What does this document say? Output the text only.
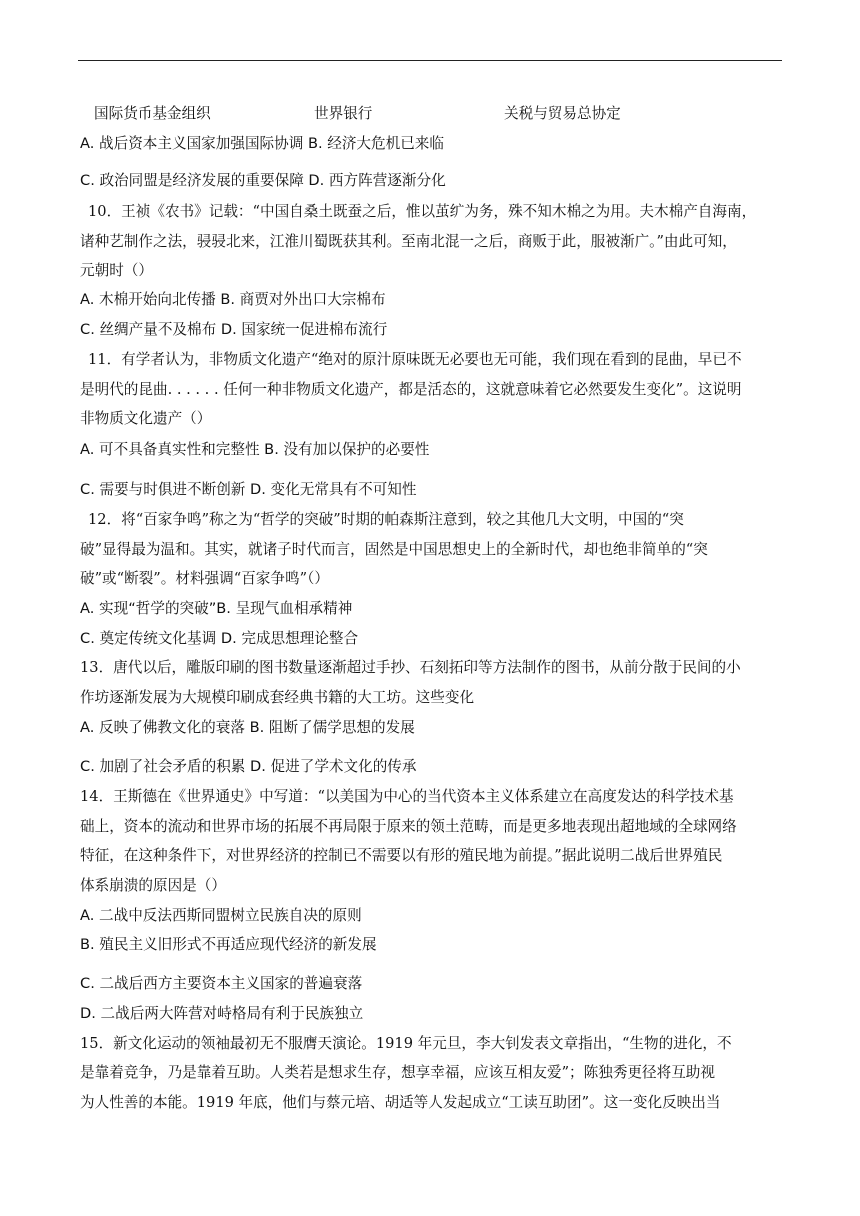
国际货币基金组织	世界银行	关税与贸易总协定
A. 战后资本主义国家加强国际协调 B. 经济大危机已来临
C. 政治同盟是经济发展的重要保障 D. 西方阵营逐渐分化
10．王祯《农书》记载：“中国自桑土既蚕之后，惟以茧纩为务，殊不知木棉之为用。夫木棉产自海南，
诸种艺制作之法，骎骎北来，江淮川蜀既获其利。至南北混一之后，商贩于此，服被渐广。”由此可知，
元朝时（）
A. 木棉开始向北传播 B. 商贾对外出口大宗棉布
C. 丝绸产量不及棉布 D. 国家统一促进棉布流行
11．有学者认为，非物质文化遗产“绝对的原汁原味既无必要也无可能，我们现在看到的昆曲，早已不
是明代的昆曲. . . . . . 任何一种非物质文化遗产，都是活态的，这就意味着它必然要发生变化”。这说明
非物质文化遗产（）
A. 可不具备真实性和完整性 B. 没有加以保护的必要性
C. 需要与时俱进不断创新 D. 变化无常具有不可知性
12．将“百家争鸣”称之为“哲学的突破”时期的帕森斯注意到，较之其他几大文明，中国的“突
破”显得最为温和。其实，就诸子时代而言，固然是中国思想史上的全新时代，却也绝非简单的“突
破”或“断裂”。材料强调“百家争鸣”（）
A. 实现“哲学的突破”B. 呈现气血相承精神
C. 奠定传统文化基调 D. 完成思想理论整合
13．唐代以后，雕版印刷的图书数量逐渐超过手抄、石刻拓印等方法制作的图书，从前分散于民间的小
作坊逐渐发展为大规模印刷成套经典书籍的大工坊。这些变化
A. 反映了佛教文化的衰落 B. 阻断了儒学思想的发展
C. 加剧了社会矛盾的积累 D. 促进了学术文化的传承
14．王斯德在《世界通史》中写道：“以美国为中心的当代资本主义体系建立在高度发达的科学技术基
础上，资本的流动和世界市场的拓展不再局限于原来的领土范畴，而是更多地表现出超地域的全球网络
特征，在这种条件下，对世界经济的控制已不需要以有形的殖民地为前提。”据此说明二战后世界殖民
体系崩溃的原因是（）
A. 二战中反法西斯同盟树立民族自决的原则
B. 殖民主义旧形式不再适应现代经济的新发展
C. 二战后西方主要资本主义国家的普遍衰落
D. 二战后两大阵营对峙格局有利于民族独立
15．新文化运动的领袖最初无不服膺天演论。1919 年元旦，李大钊发表文章指出，“生物的进化，不
是靠着竞争，乃是靠着互助。人类若是想求生存，想享幸福，应该互相友爱”；陈独秀更径将互助视
为人性善的本能。1919 年底，他们与蔡元培、胡适等人发起成立“工读互助团”。这一变化反映出当
